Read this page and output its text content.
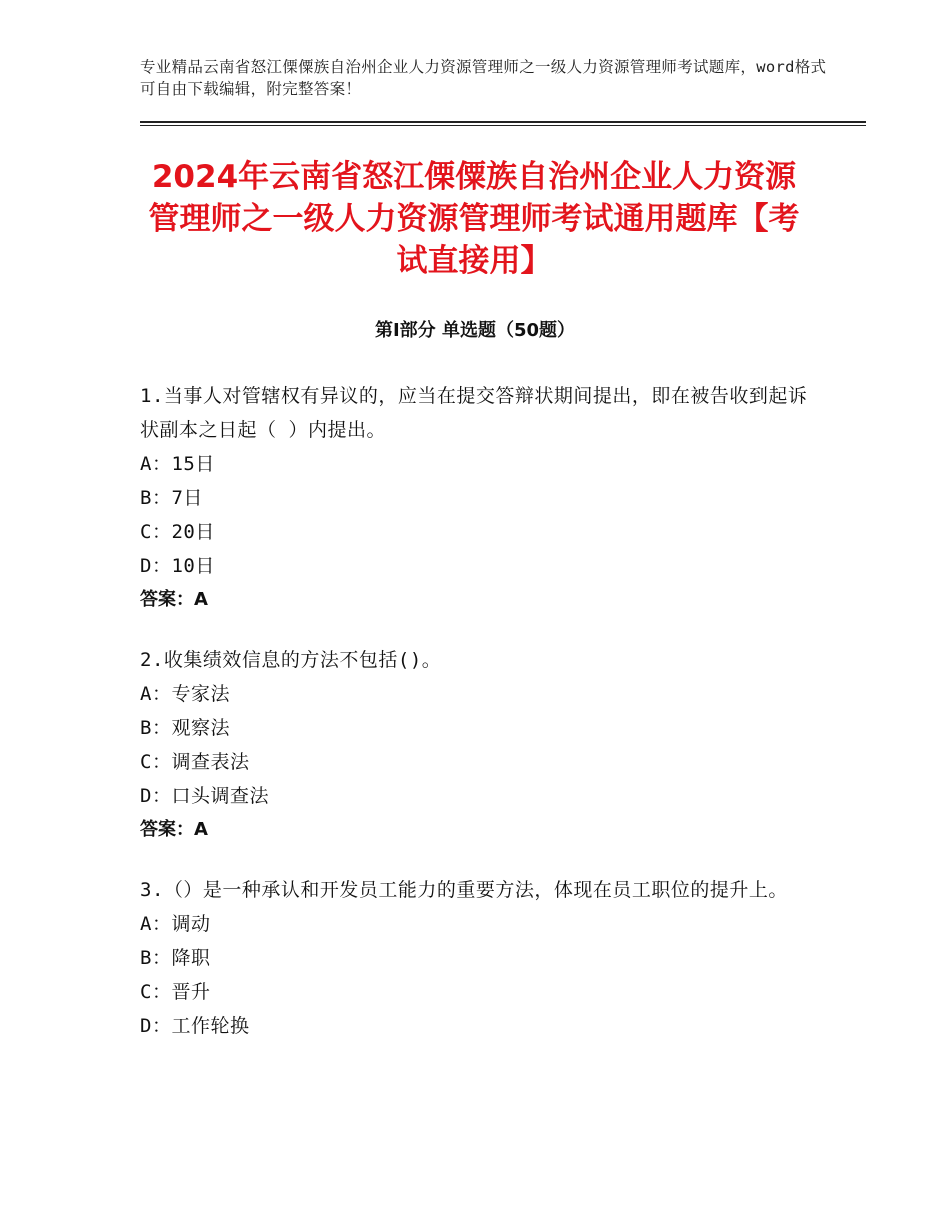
专业精品云南省怒江傈僳族自治州企业人力资源管理师之一级人力资源管理师考试题库，word格式可自由下载编辑，附完整答案！
2024年云南省怒江傈僳族自治州企业人力资源管理师之一级人力资源管理师考试通用题库【考试直接用】
第Ⅰ部分 单选题（50题）
1.当事人对管辖权有异议的，应当在提交答辩状期间提出，即在被告收到起诉状副本之日起（ ）内提出。
A：15日
B：7日
C：20日
D：10日
答案：A
2.收集绩效信息的方法不包括()。
A：专家法
B：观察法
C：调查表法
D：口头调查法
答案：A
3.（）是一种承认和开发员工能力的重要方法，体现在员工职位的提升上。
A：调动
B：降职
C：晋升
D：工作轮换
